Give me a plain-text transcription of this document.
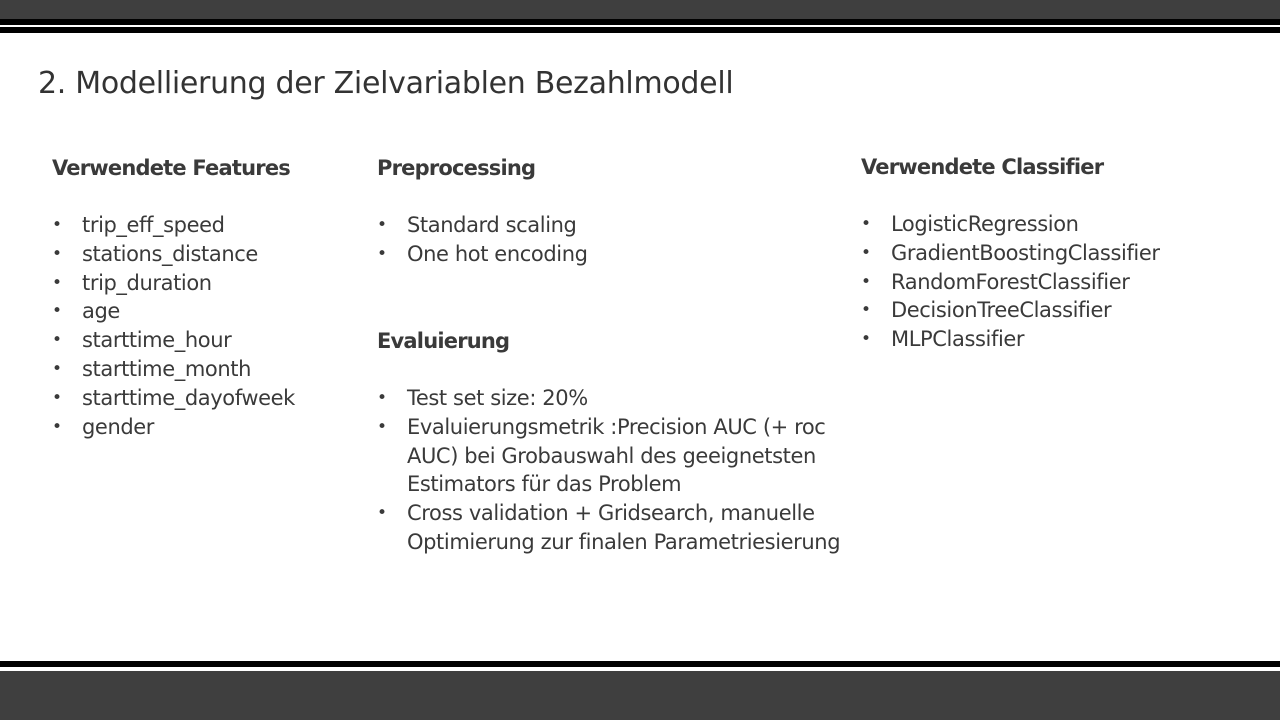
2. Modellierung der Zielvariablen Bezahlmodell
Verwendete Features
• trip_eff_speed
• stations_distance
• trip_duration
• age
• starttime_hour
• starttime_month
• starttime_dayofweek
• gender
Preprocessing
• Standard scaling
• One hot encoding
Evaluierung
• Test set size: 20%
• Evaluierungsmetrik :Precision AUC (+ roc AUC) bei Grobauswahl des geeignetsten Estimators für das Problem
• Cross validation + Gridsearch, manuelle Optimierung zur finalen Parametriesierung
Verwendete Classifier
• LogisticRegression
• GradientBoostingClassifier
• RandomForestClassifier
• DecisionTreeClassifier
• MLPClassifier
